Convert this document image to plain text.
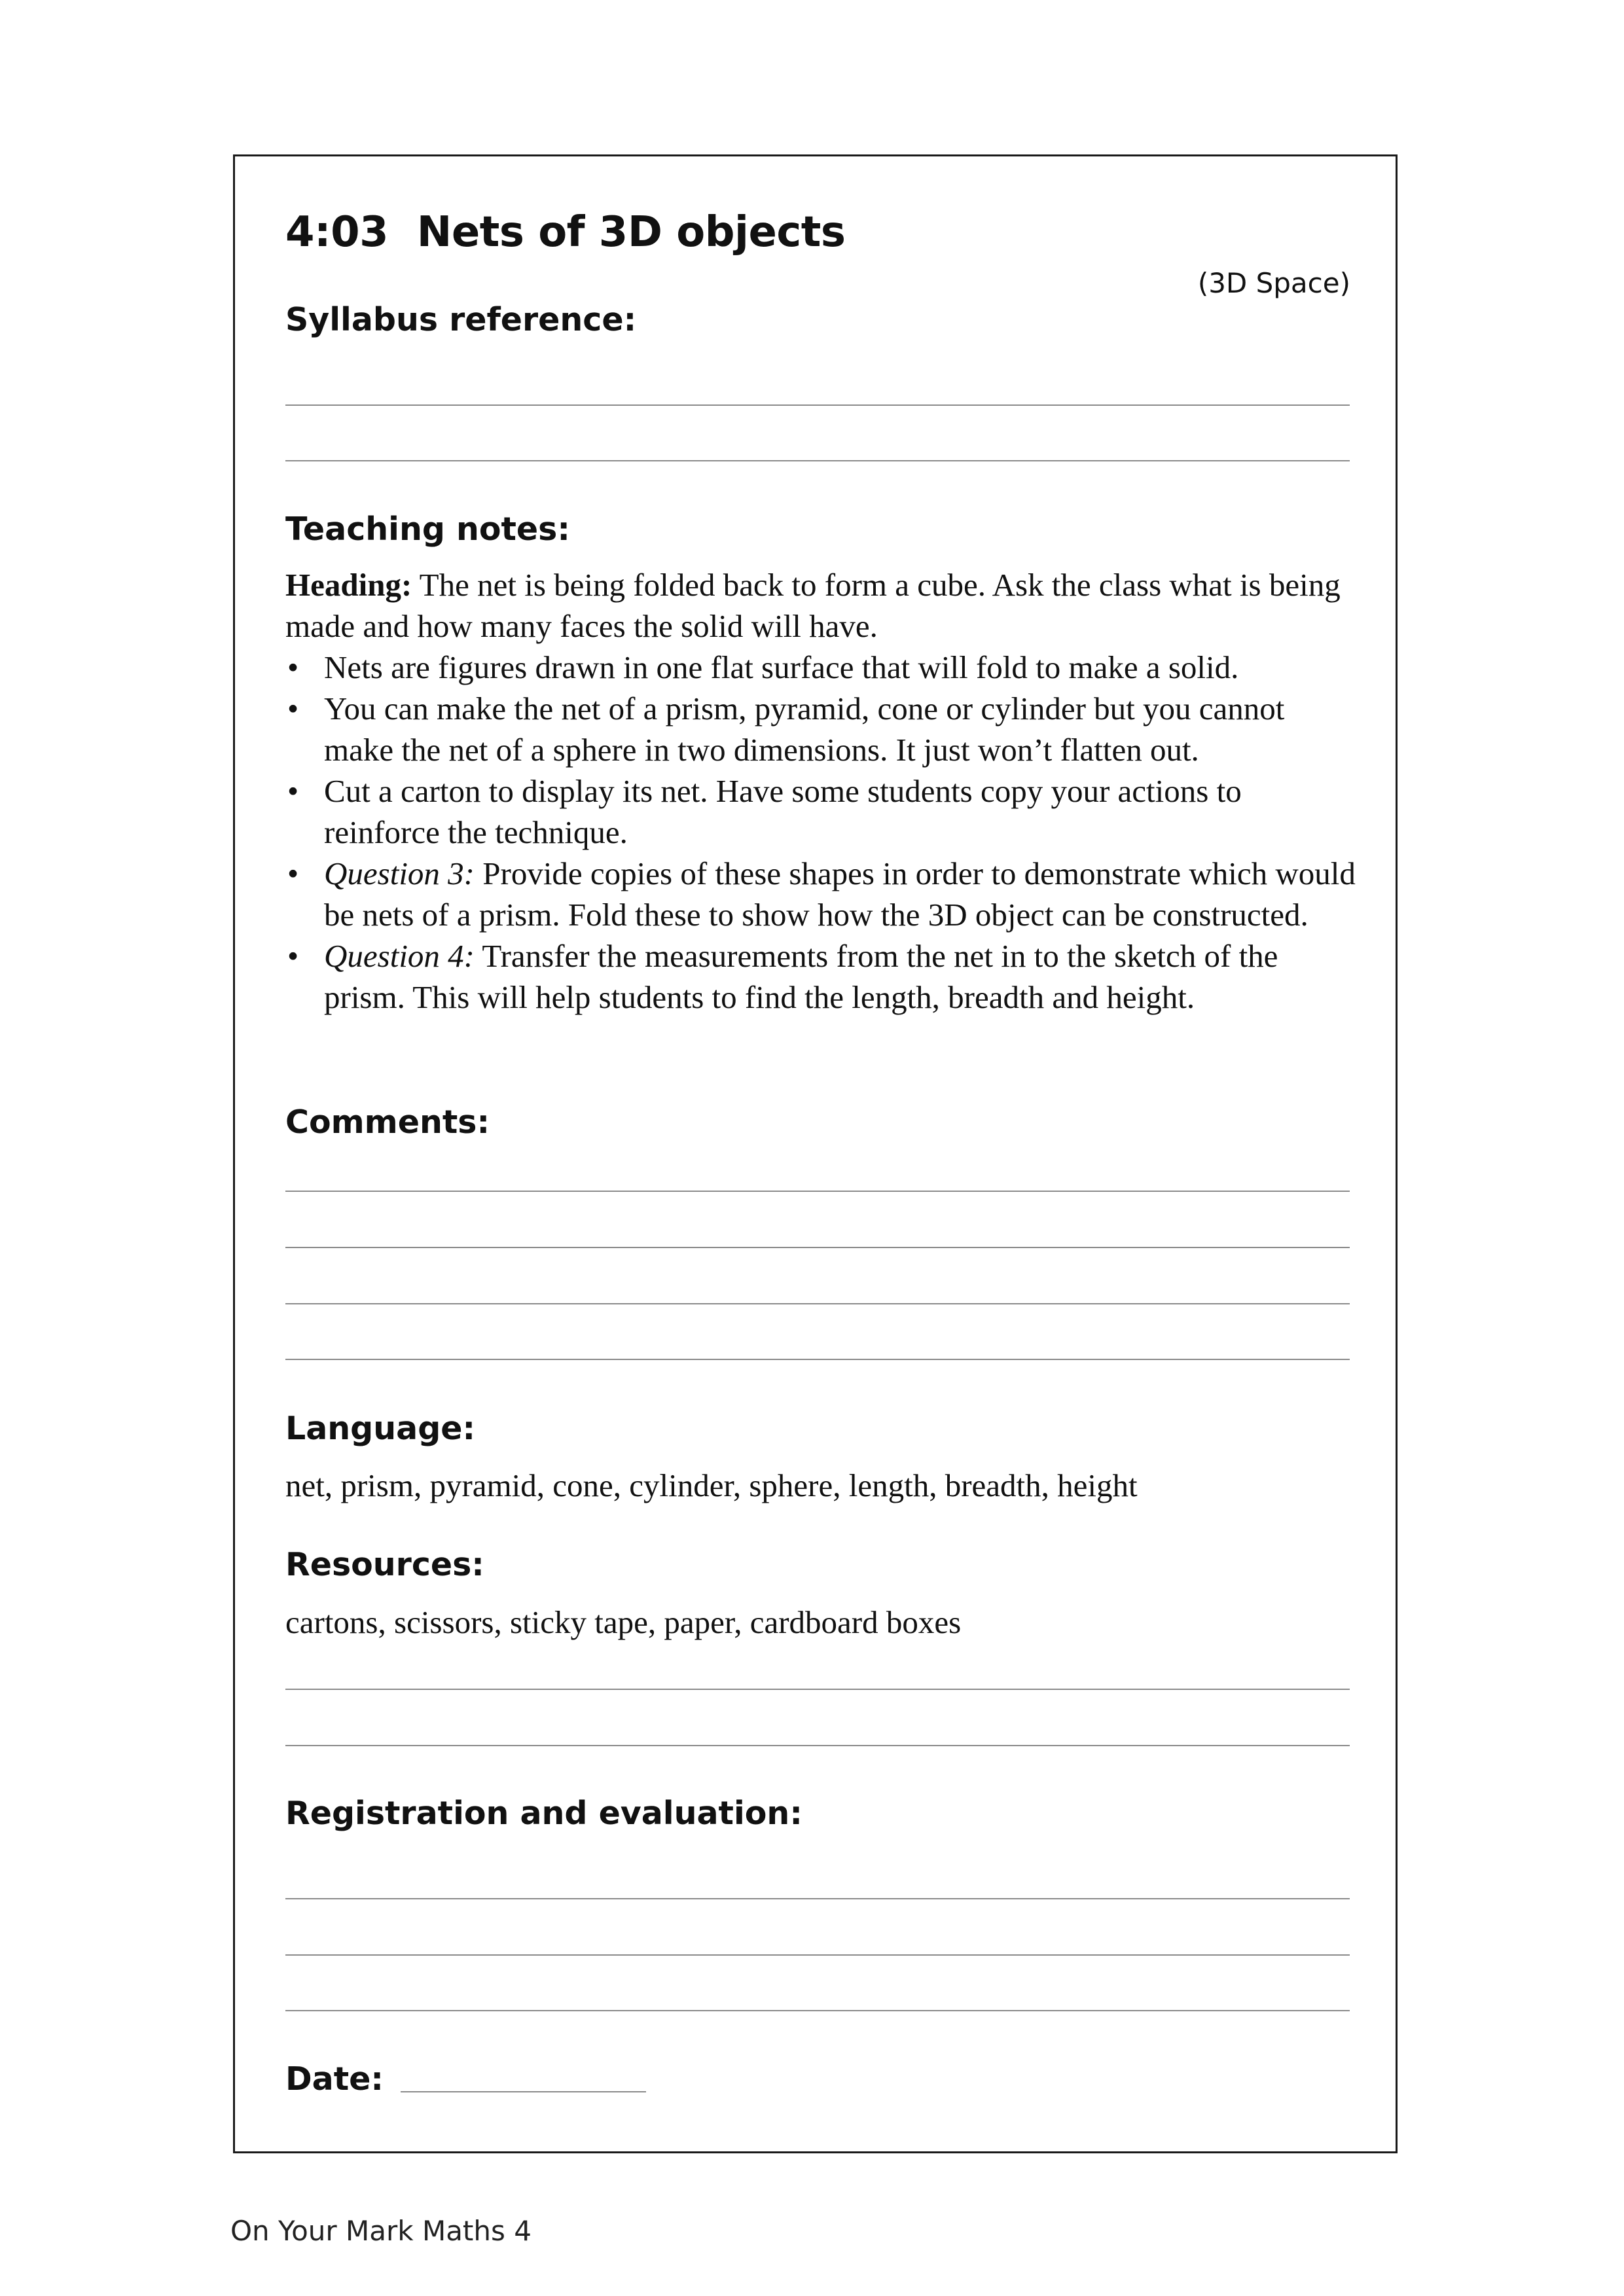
4:03 Nets of 3D objects
(3D Space)
Syllabus reference:
Teaching notes:

Heading: The net is being folded back to form a cube. Ask the class what is being made and how many faces the solid will have.

• Nets are figures drawn in one flat surface that will fold to make a solid.
• You can make the net of a prism, pyramid, cone or cylinder but you cannot make the net of a sphere in two dimensions. It just won’t flatten out.
• Cut a carton to display its net. Have some students copy your actions to reinforce the technique.
• Question 3: Provide copies of these shapes in order to demonstrate which would be nets of a prism. Fold these to show how the 3D object can be constructed.
• Question 4: Transfer the measurements from the net in to the sketch of the prism. This will help students to find the length, breadth and height.
Comments:
Language:
net, prism, pyramid, cone, cylinder, sphere, length, breadth, height
Resources:
cartons, scissors, sticky tape, paper, cardboard boxes
Registration and evaluation:
Date:
On Your Mark Maths 4
